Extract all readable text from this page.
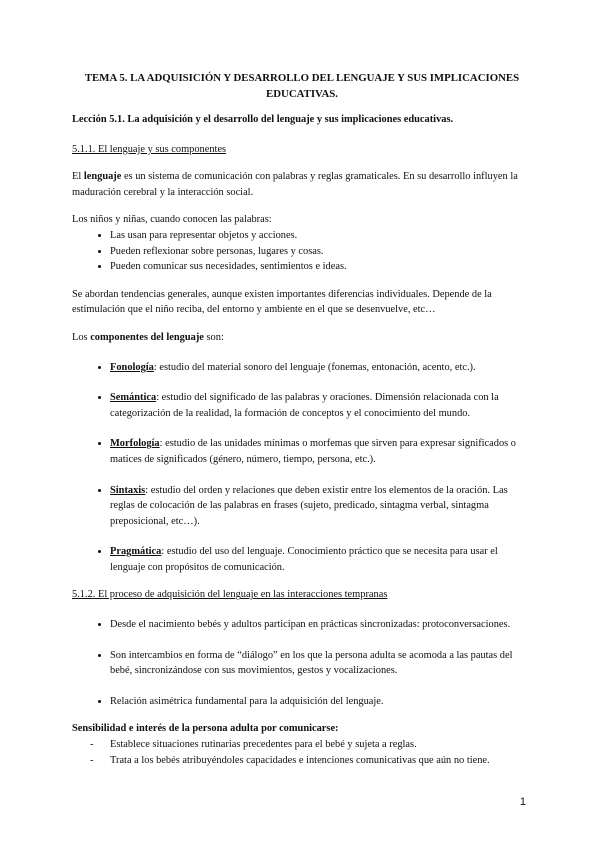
TEMA 5. LA ADQUISICIÓN Y DESARROLLO DEL LENGUAJE Y SUS IMPLICACIONES EDUCATIVAS.
Lección 5.1. La adquisición y el desarrollo del lenguaje y sus implicaciones educativas.
5.1.1. El lenguaje y sus componentes

El lenguaje es un sistema de comunicación con palabras y reglas gramaticales. En su desarrollo influyen la maduración cerebral y la interacción social.

Los niños y niñas, cuando conocen las palabras:

• Las usan para representar objetos y acciones.
• Pueden reflexionar sobre personas, lugares y cosas.
• Pueden comunicar sus necesidades, sentimientos e ideas.

Se abordan tendencias generales, aunque existen importantes diferencias individuales. Depende de la estimulación que el niño reciba, del entorno y ambiente en el que se desenvuelve, etc…

Los componentes del lenguaje son:

• Fonología: estudio del material sonoro del lenguaje (fonemas, entonación, acento, etc.).
• Semántica: estudio del significado de las palabras y oraciones. Dimensión relacionada con la categorización de la realidad, la formación de conceptos y el conocimiento del mundo.
• Morfología: estudio de las unidades mínimas o morfemas que sirven para expresar significados o matices de significados (género, número, tiempo, persona, etc.).
• Sintaxis: estudio del orden y relaciones que deben existir entre los elementos de la oración. Las reglas de colocación de las palabras en frases (sujeto, predicado, sintagma verbal, sintagma preposicional, etc…).
• Pragmática: estudio del uso del lenguaje. Conocimiento práctico que se necesita para usar el lenguaje con propósitos de comunicación.
5.1.2. El proceso de adquisición del lenguaje en las interacciones tempranas
• Desde el nacimiento bebés y adultos participan en prácticas sincronizadas: protoconversaciones.
• Son intercambios en forma de “diálogo” en los que la persona adulta se acomoda a las pautas del bebé, sincronizándose con sus movimientos, gestos y vocalizaciones.
• Relación asimétrica fundamental para la adquisición del lenguaje.
Sensibilidad e interés de la persona adulta por comunicarse:
- Establece situaciones rutinarias precedentes para el bebé y sujeta a reglas.
- Trata a los bebés atribuyéndoles capacidades e intenciones comunicativas que aún no tiene.
1
